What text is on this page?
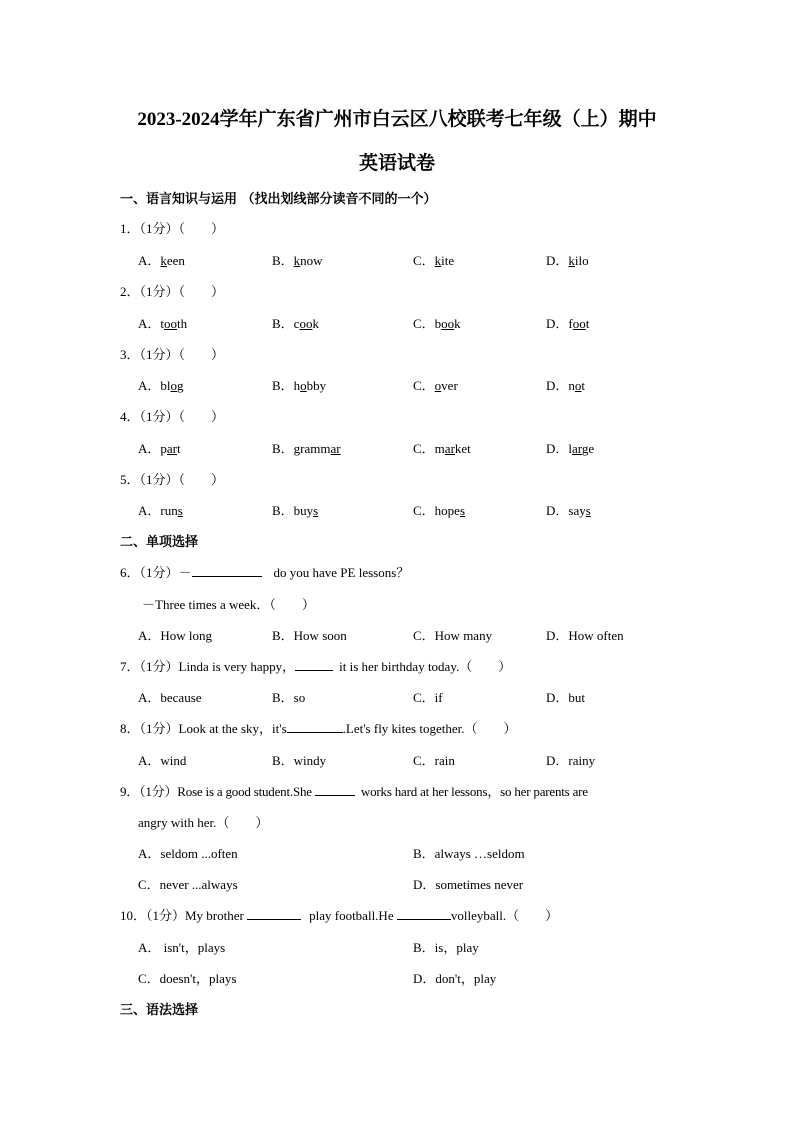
2023-2024学年广东省广州市白云区八校联考七年级（上）期中
英语试卷
一、语言知识与运用 （找出划线部分读音不同的一个）
1．（1分）（　　）
A．keen	B．know	C．kite	D．kilo
2．（1分）（　　）
A．tooth	B．cook	C．book	D．foot
3．（1分）（　　）
A．blog	B．hobby	C．over	D．not
4．（1分）（　　）
A．part	B．grammar	C．market	D．large
5．（1分）（　　）
A．runs	B．buys	C．hopes	D．says
二、单项选择
6．（1分）－	do you have PE lessons？
－Three times a week．（　　）
A．How long	B．How soon	C．How many	D．How often
7．（1分）Linda is very happy，	it is her birthday today.（　　）
A．because	B．so	C．if	D．but
8．（1分）Look at the sky，it's	.Let's fly kites together.（　　）
A．wind	B．windy	C．rain	D．rainy
9．（1分）Rose is a good student.She	works hard at her lessons，so her parents are
angry with her.（　　）
A．seldom ...often	B．always …seldom
C．never ...always	D．sometimes never
10．（1分）My brother	play football.He	volleyball.（　　）
A． isn't，plays	B．is，play
C．doesn't，plays	D．don't，play
三、语法选择
